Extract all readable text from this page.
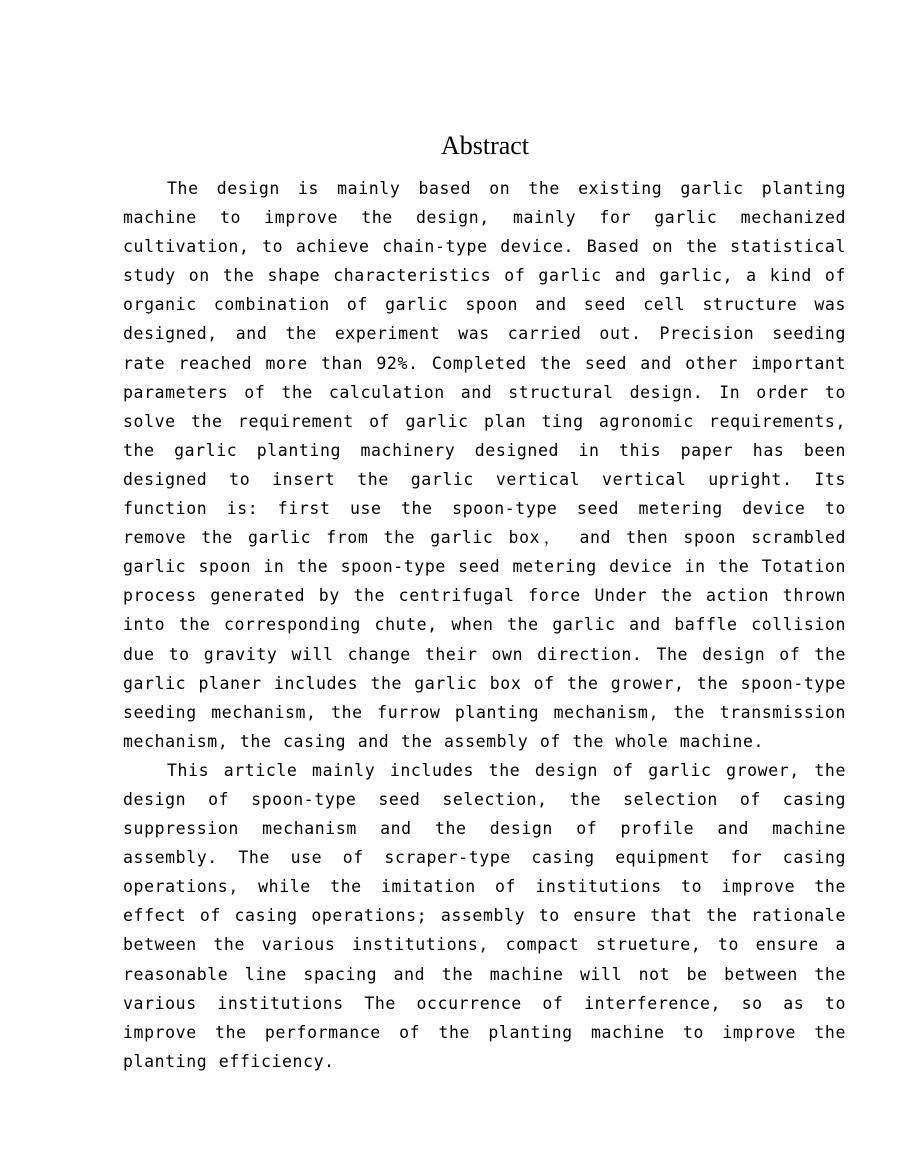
Abstract

The design is mainly based on the existing garlic planting machine to improve the design, mainly for garlic mechanized cultivation, to achieve chain-type device. Based on the statistical study on the shape characteristics of garlic and garlic, a kind of organic combination of garlic spoon and seed cell structure was designed, and the experiment was carried out. Precision seeding rate reached more than 92%. Completed the seed and other important parameters of the calculation and structural design. In order to solve the requirement of garlic plan ting agronomic requirements, the garlic planting machinery designed in this paper has been designed to insert the garlic vertical vertical upright. Its function is: first use the spoon-type seed metering device to remove the garlic from the garlic box， and then spoon scrambled garlic spoon in the spoon-type seed metering device in the Totation process generated by the centrifugal force Under the action thrown into the corresponding chute, when the garlic and baffle collision due to gravity will change their own direction. The design of the garlic planer includes the garlic box of the grower, the spoon-type seeding mechanism, the furrow planting mechanism, the transmission mechanism, the casing and the assembly of the whole machine.

This article mainly includes the design of garlic grower, the design of spoon-type seed selection, the selection of casing suppression mechanism and the design of profile and machine assembly. The use of scraper-type casing equipment for casing operations, while the imitation of institutions to improve the effect of casing operations; assembly to ensure that the rationale between the various institutions, compact strueture, to ensure a reasonable line spacing and the machine will not be between the various institutions The occurrence of interference, so as to improve the performance of the planting machine to improve the planting efficiency.
